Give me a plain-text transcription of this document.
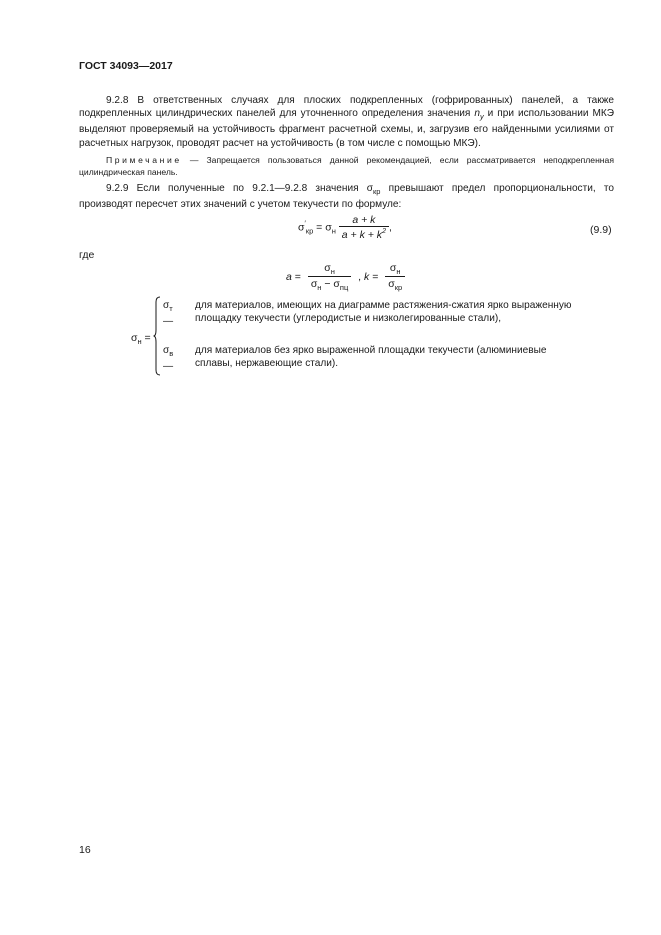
ГОСТ 34093—2017

9.2.8 В ответственных случаях для плоских подкрепленных (гофрированных) панелей, а также подкрепленных цилиндрических панелей для уточненного определения значения $n_y$ и при использовании МКЭ выделяют проверяемый на устойчивость фрагмент расчетной схемы, и, загрузив его найденными усилиями от расчетных нагрузок, проводят расчет на устойчивость (в том числе с помощью МКЭ).

Примечание — Запрещается пользоваться данной рекомендацией, если рассматривается неподкрепленная цилиндрическая панель.

9.2.9 Если полученные по 9.2.1—9.2.8 значения $\sigma_{кр}$ превышают предел пропорциональности, то производят пересчет этих значений с учетом текучести по формуле:

$\sigma'_{кр} = \sigma_н \frac{a + k}{a + k + k^2}$ ,	(9.9)
где
$a = \frac{\sigma_н}{\sigma_н - \sigma_{пц}}$ , $k = \frac{\sigma_н}{\sigma_{кр}}$
$\sigma_н$ =
$\sigma_т$ —
для материалов, имеющих на диаграмме растяжения-сжатия ярко выраженную площадку текучести (углеродистые и низколегированные стали),
$\sigma_в$ —
для материалов без ярко выраженной площадки текучести (алюминиевые сплавы, нержавеющие стали).
16
